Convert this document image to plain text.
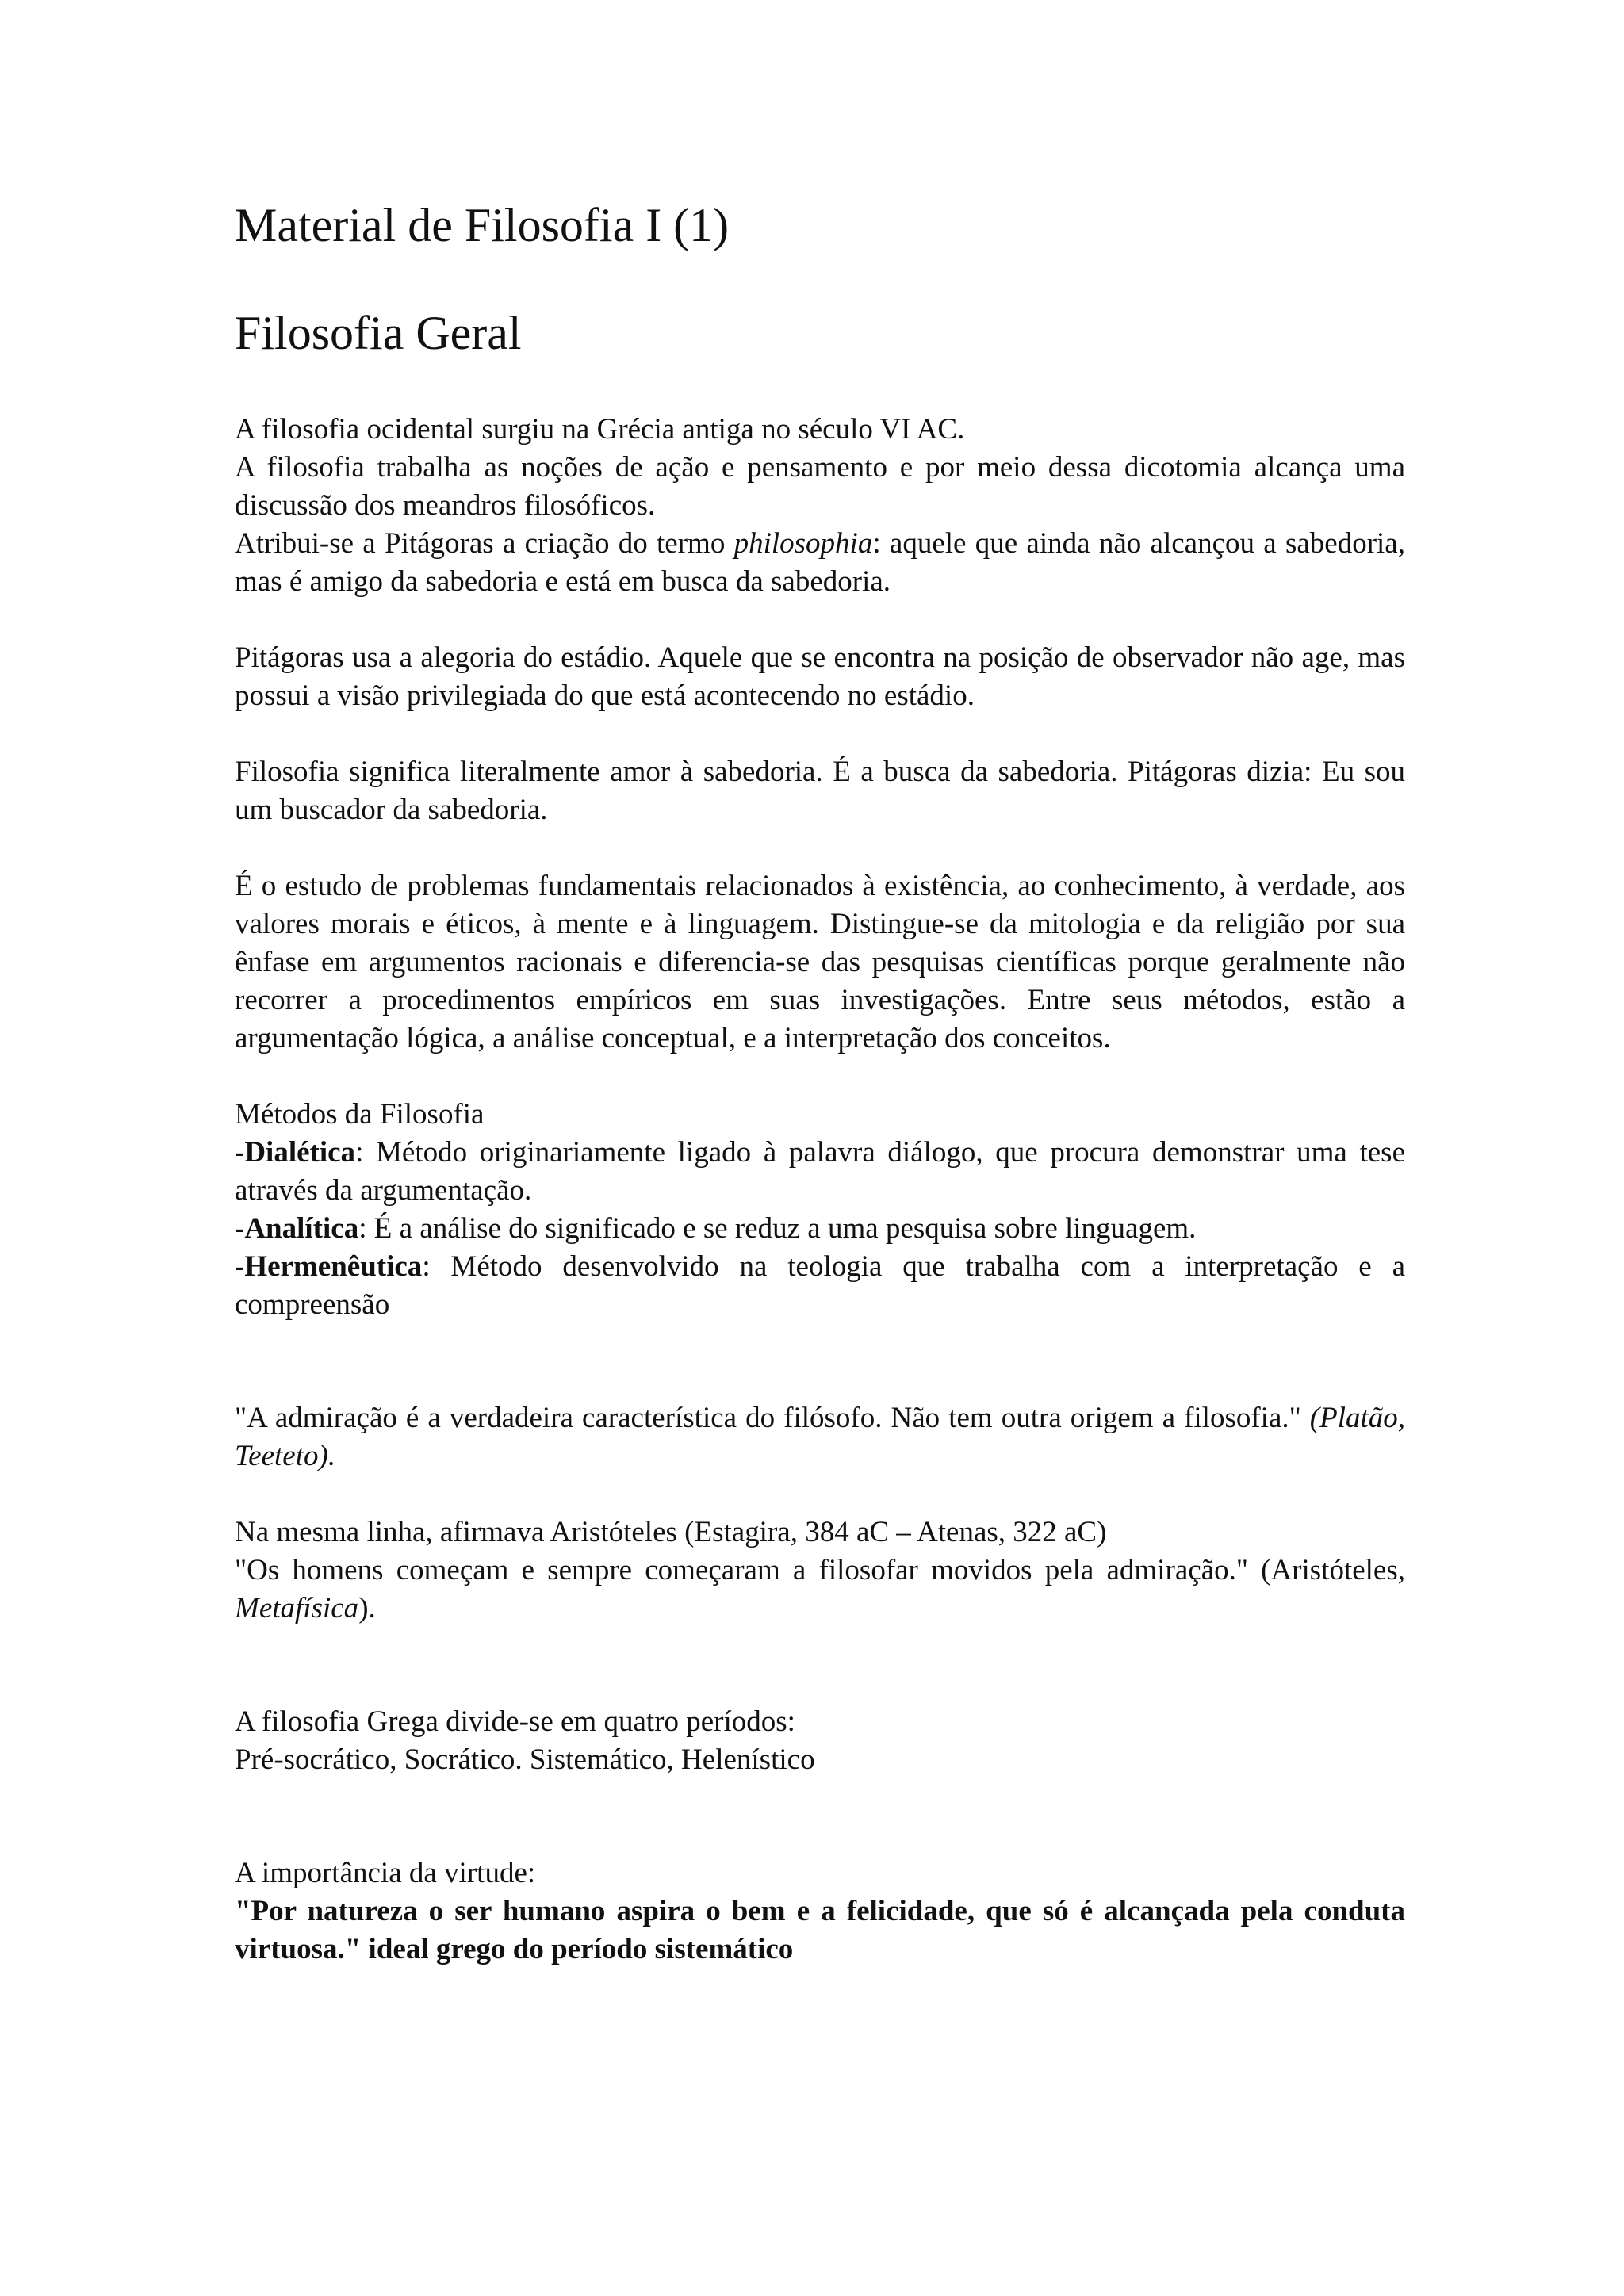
Material de Filosofia I (1)
Filosofia Geral
A filosofia ocidental surgiu na Grécia antiga no século VI AC.
A filosofia trabalha as noções de ação e pensamento e por meio dessa dicotomia alcança uma discussão dos meandros filosóficos.
Atribui-se a Pitágoras a criação do termo philosophia: aquele que ainda não alcançou a sabedoria, mas é amigo da sabedoria e está em busca da sabedoria.

Pitágoras usa a alegoria do estádio. Aquele que se encontra na posição de observador não age, mas possui a visão privilegiada do que está acontecendo no estádio.

Filosofia significa literalmente amor à sabedoria. É a busca da sabedoria. Pitágoras dizia: Eu sou um buscador da sabedoria.

É o estudo de problemas fundamentais relacionados à existência, ao conhecimento, à verdade, aos valores morais e éticos, à mente e à linguagem. Distingue-se da mitologia e da religião por sua ênfase em argumentos racionais e diferencia-se das pesquisas científicas porque geralmente não recorrer a procedimentos empíricos em suas investigações. Entre seus métodos, estão a argumentação lógica, a análise conceptual, e a interpretação dos conceitos.

Métodos da Filosofia
-Dialética: Método originariamente ligado à palavra diálogo, que procura demonstrar uma tese através da argumentação.
-Analítica: É a análise do significado e se reduz a uma pesquisa sobre linguagem.
-Hermenêutica: Método desenvolvido na teologia que trabalha com a interpretação e a compreensão

"A admiração é a verdadeira característica do filósofo. Não tem outra origem a filosofia." (Platão, Teeteto).

Na mesma linha, afirmava Aristóteles (Estagira, 384 aC – Atenas, 322 aC)
"Os homens começam e sempre começaram a filosofar movidos pela admiração." (Aristóteles, Metafísica).
A filosofia Grega divide-se em quatro períodos:
Pré-socrático, Socrático. Sistemático, Helenístico
A importância da virtude:
"Por natureza o ser humano aspira o bem e a felicidade, que só é alcançada pela conduta virtuosa." ideal grego do período sistemático
